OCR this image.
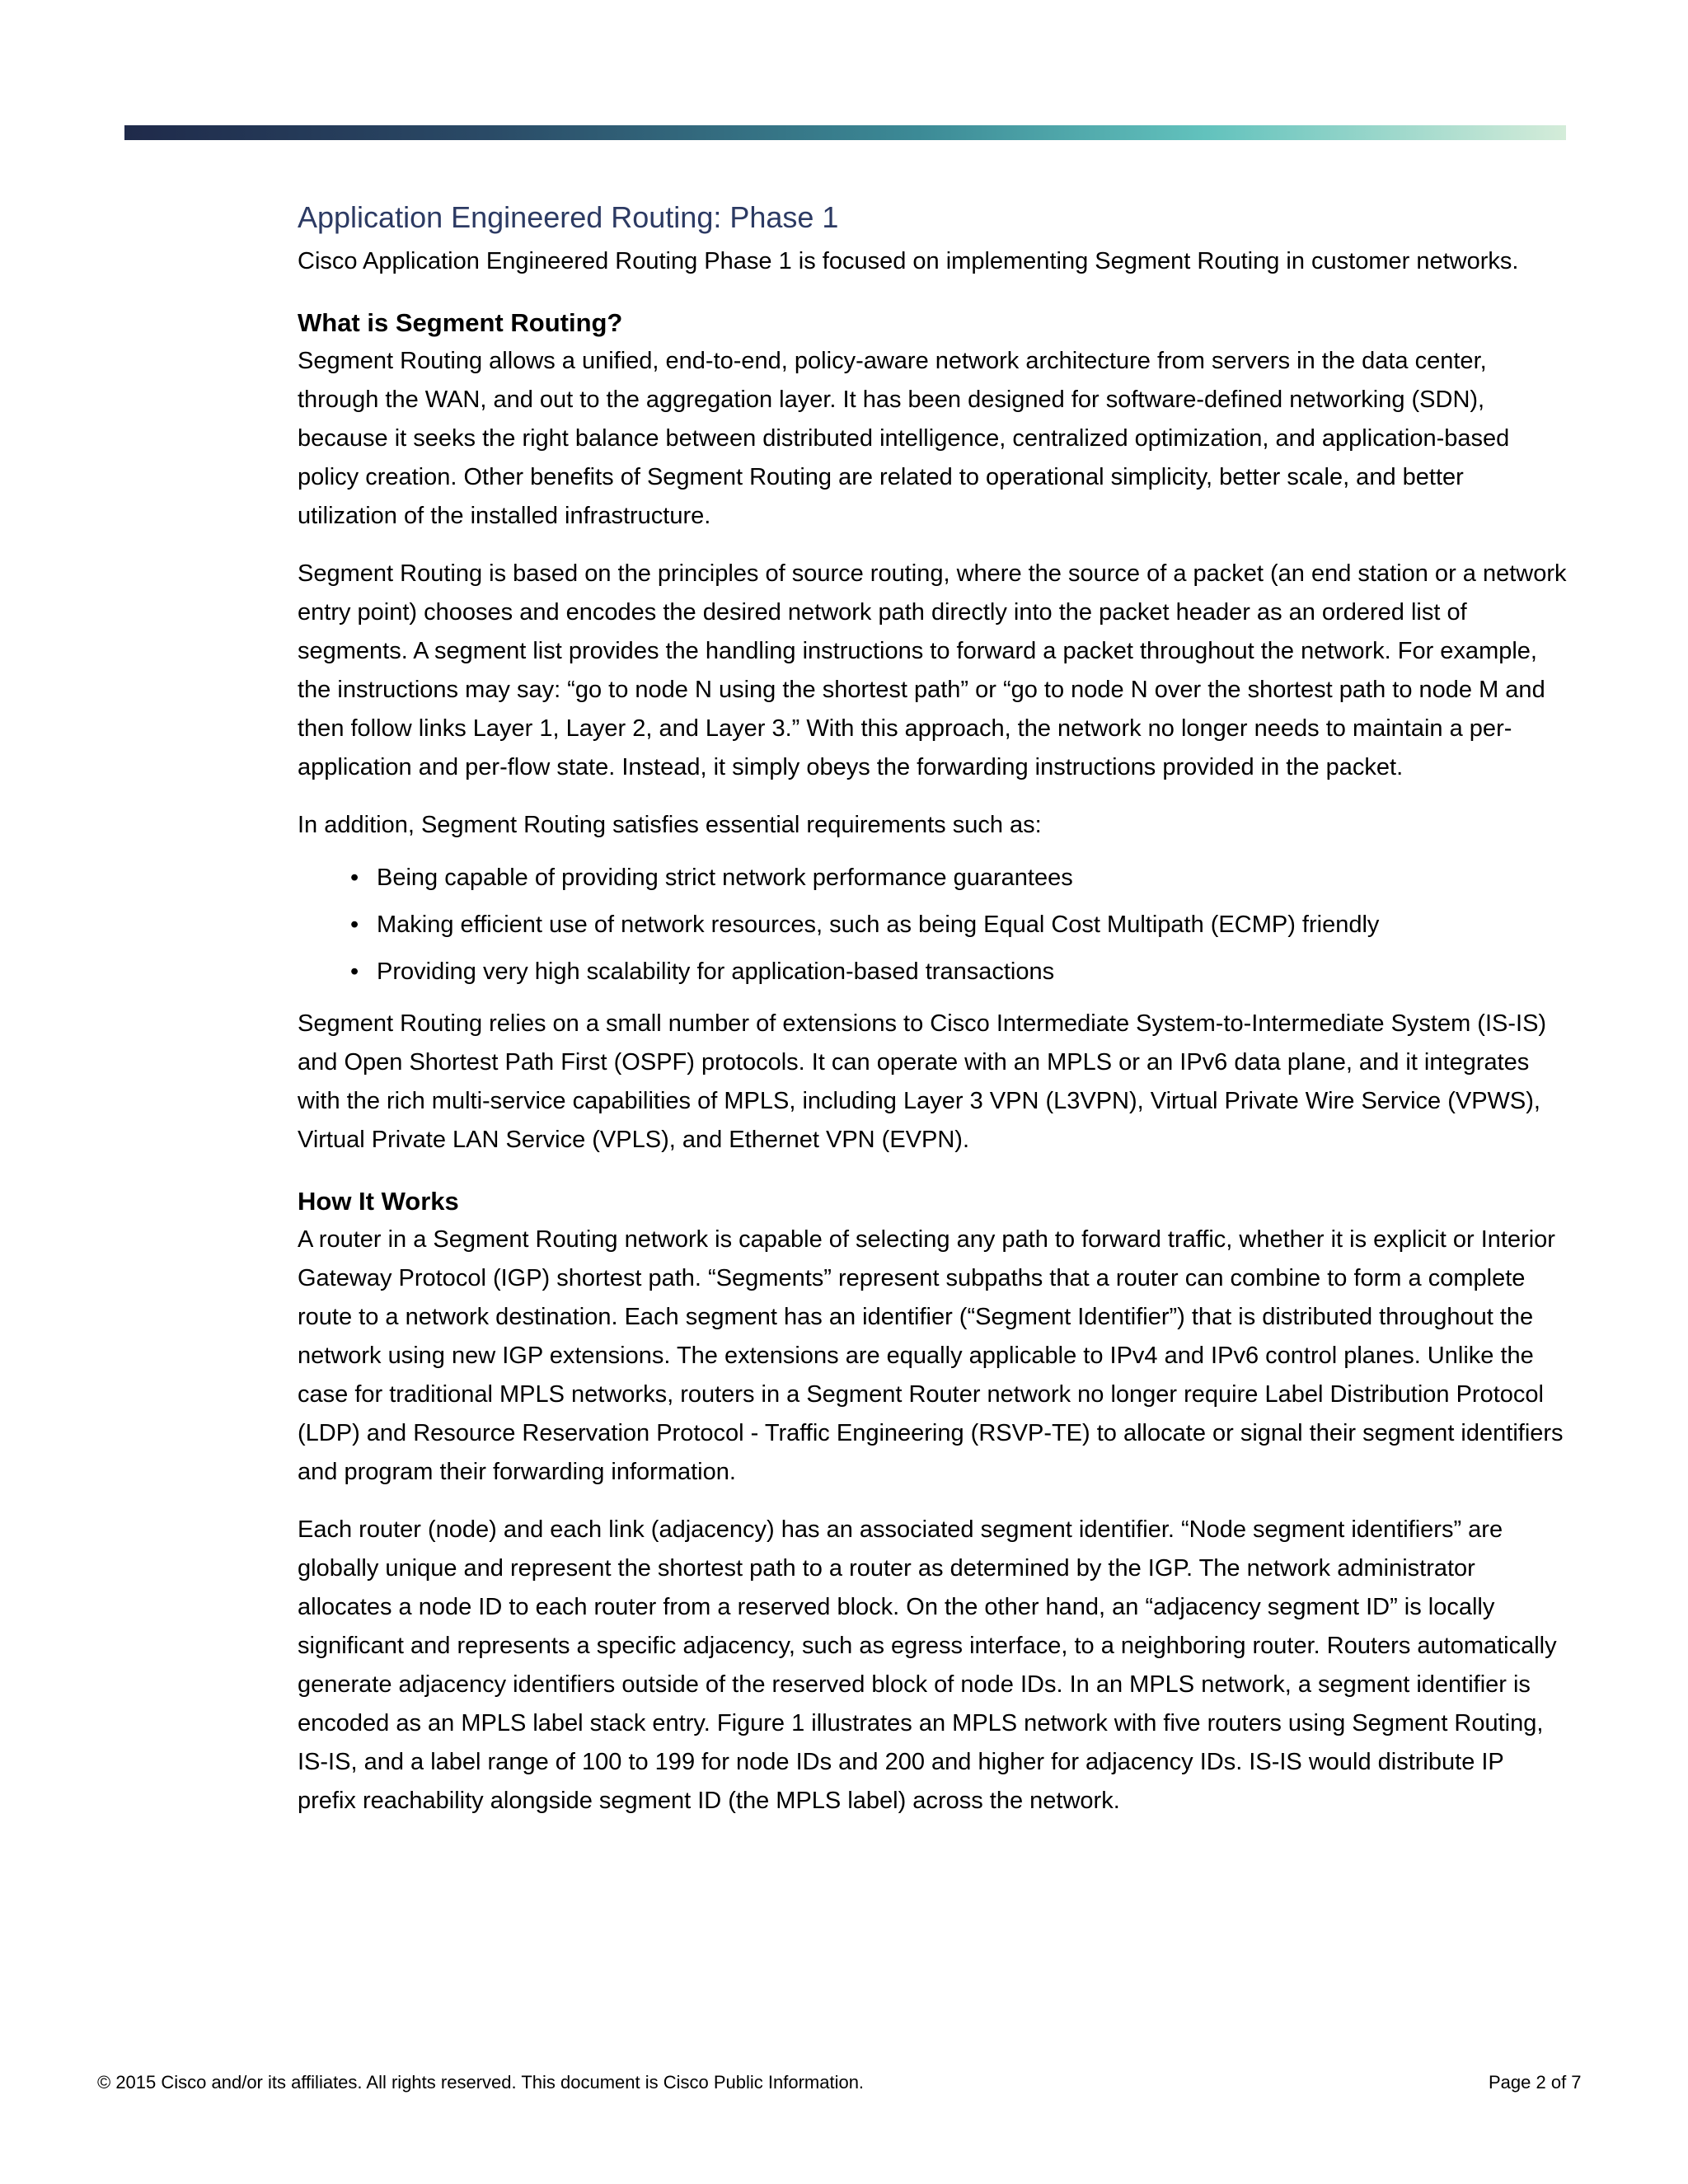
Application Engineered Routing: Phase 1

Cisco Application Engineered Routing Phase 1 is focused on implementing Segment Routing in customer networks.

What is Segment Routing?

Segment Routing allows a unified, end-to-end, policy-aware network architecture from servers in the data center, through the WAN, and out to the aggregation layer. It has been designed for software-defined networking (SDN), because it seeks the right balance between distributed intelligence, centralized optimization, and application-based policy creation. Other benefits of Segment Routing are related to operational simplicity, better scale, and better utilization of the installed infrastructure.

Segment Routing is based on the principles of source routing, where the source of a packet (an end station or a network entry point) chooses and encodes the desired network path directly into the packet header as an ordered list of segments. A segment list provides the handling instructions to forward a packet throughout the network. For example, the instructions may say: “go to node N using the shortest path” or “go to node N over the shortest path to node M and then follow links Layer 1, Layer 2, and Layer 3.” With this approach, the network no longer needs to maintain a per-application and per-flow state. Instead, it simply obeys the forwarding instructions provided in the packet.

In addition, Segment Routing satisfies essential requirements such as:

• Being capable of providing strict network performance guarantees
• Making efficient use of network resources, such as being Equal Cost Multipath (ECMP) friendly
• Providing very high scalability for application-based transactions

Segment Routing relies on a small number of extensions to Cisco Intermediate System-to-Intermediate System (IS-IS) and Open Shortest Path First (OSPF) protocols. It can operate with an MPLS or an IPv6 data plane, and it integrates with the rich multi-service capabilities of MPLS, including Layer 3 VPN (L3VPN), Virtual Private Wire Service (VPWS), Virtual Private LAN Service (VPLS), and Ethernet VPN (EVPN).

How It Works

A router in a Segment Routing network is capable of selecting any path to forward traffic, whether it is explicit or Interior Gateway Protocol (IGP) shortest path. “Segments” represent subpaths that a router can combine to form a complete route to a network destination. Each segment has an identifier (“Segment Identifier”) that is distributed throughout the network using new IGP extensions. The extensions are equally applicable to IPv4 and IPv6 control planes. Unlike the case for traditional MPLS networks, routers in a Segment Router network no longer require Label Distribution Protocol (LDP) and Resource Reservation Protocol - Traffic Engineering (RSVP-TE) to allocate or signal their segment identifiers and program their forwarding information.

Each router (node) and each link (adjacency) has an associated segment identifier. “Node segment identifiers” are globally unique and represent the shortest path to a router as determined by the IGP. The network administrator allocates a node ID to each router from a reserved block. On the other hand, an “adjacency segment ID” is locally significant and represents a specific adjacency, such as egress interface, to a neighboring router. Routers automatically generate adjacency identifiers outside of the reserved block of node IDs. In an MPLS network, a segment identifier is encoded as an MPLS label stack entry. Figure 1 illustrates an MPLS network with five routers using Segment Routing, IS-IS, and a label range of 100 to 199 for node IDs and 200 and higher for adjacency IDs. IS-IS would distribute IP prefix reachability alongside segment ID (the MPLS label) across the network.

© 2015 Cisco and/or its affiliates. All rights reserved. This document is Cisco Public Information.	Page 2 of 7
